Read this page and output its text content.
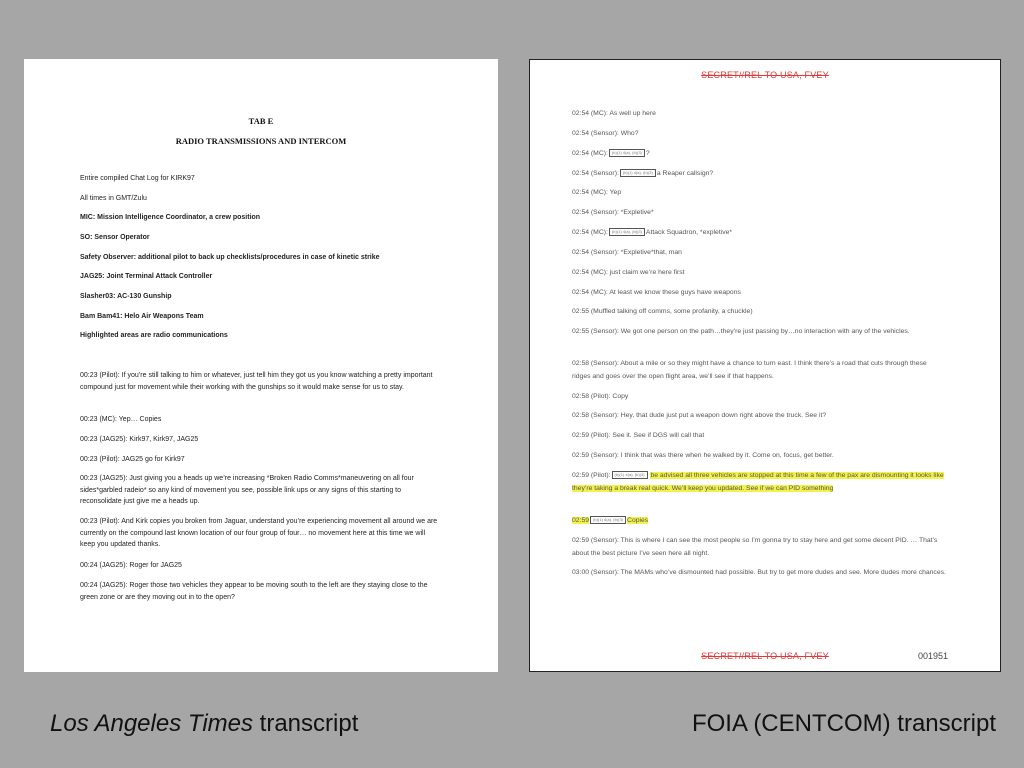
TAB E
RADIO TRANSMISSIONS AND INTERCOM
Entire compiled Chat Log for KIRK97
All times in GMT/Zulu
MIC: Mission Intelligence Coordinator, a crew position
SO: Sensor Operator
Safety Observer: additional pilot to back up checklists/procedures in case of kinetic strike
JAG25: Joint Terminal Attack Controller
Slasher03: AC-130 Gunship
Bam Bam41: Helo Air Weapons Team
Highlighted areas are radio communications
00:23 (Pilot): If you’re still talking to him or whatever, just tell him they got us you know watching a pretty important compound just for movement while their working with the gunships so it would make sense for us to stay.
00:23 (MC): Yep… Copies
00:23 (JAG25): Kirk97, Kirk97, JAG25
00:23 (Pilot): JAG25 go for Kirk97
00:23 (JAG25): Just giving you a heads up we’re increasing *Broken Radio Comms*maneuvering on all four sides*garbled radeio* so any kind of movement you see, possible link ups or any signs of this starting to reconsolidate just give me a heads up.
00:23 (Pilot): And Kirk copies you broken from Jaguar, understand you’re experiencing movement all around we are currently on the compound last known location of our four group of four… no movement here at this time we will keep you updated thanks.
00:24 (JAG25): Roger for JAG25
00:24 (JAG25): Roger those two vehicles they appear to be moving south to the left are they staying close to the green zone or are they moving out in to the open?
SECRET//REL TO USA, FVEY
02:54 (MC): As well up here
02:54 (Sensor): Who?
02:54 (MC): (b)(1) 4(a), (b)(3) ?
02:54 (Sensor): (b)(1) 4(a), (b)(3) a Reaper callsign?
02:54 (MC): Yep
02:54 (Sensor): *Expletive*
02:54 (MC): (b)(1) 4(a), (b)(3) Attack Squadron, *expletive*
02:54 (Sensor): *Expletive*that, man
02:54 (MC): just claim we’re here first
02:54 (MC): At least we know these guys have weapons
02:55 (Muffled talking off comms, some profanity, a chuckle)
02:55 (Sensor): We got one person on the path…they’re just passing by…no interaction with any of the vehicles.
02:58 (Sensor): About a mile or so they might have a chance to turn east. I think there’s a road that cuts through these ridges and goes over the open flight area, we’ll see if that happens.
02:58 (Pilot): Copy
02:58 (Sensor): Hey, that dude just put a weapon down right above the truck. See it?
02:59 (Pilot): See it. See if DGS will call that
02:59 (Sensor): I think that was there when he walked by it. Come on, focus, get better.
02:59 (Pilot): (b)(1) 4(a), (b)(3) be advised all three vehicles are stopped at this time a few of the pax are dismounting it looks like they’re taking a break real quick. We’ll keep you updated. See if we can PID something
02:59 (b)(1) 4(a), (b)(3) Copies
02:59 (Sensor): This is where I can see the most people so I’m gonna try to stay here and get some decent PID. … That’s about the best picture I’ve seen here all night.
03:00 (Sensor): The MAMs who’ve dismounted had possible. But try to get more dudes and see. More dudes more chances.
SECRET//REL TO USA, FVEY	001951
Los Angeles Times transcript	FOIA (CENTCOM) transcript
